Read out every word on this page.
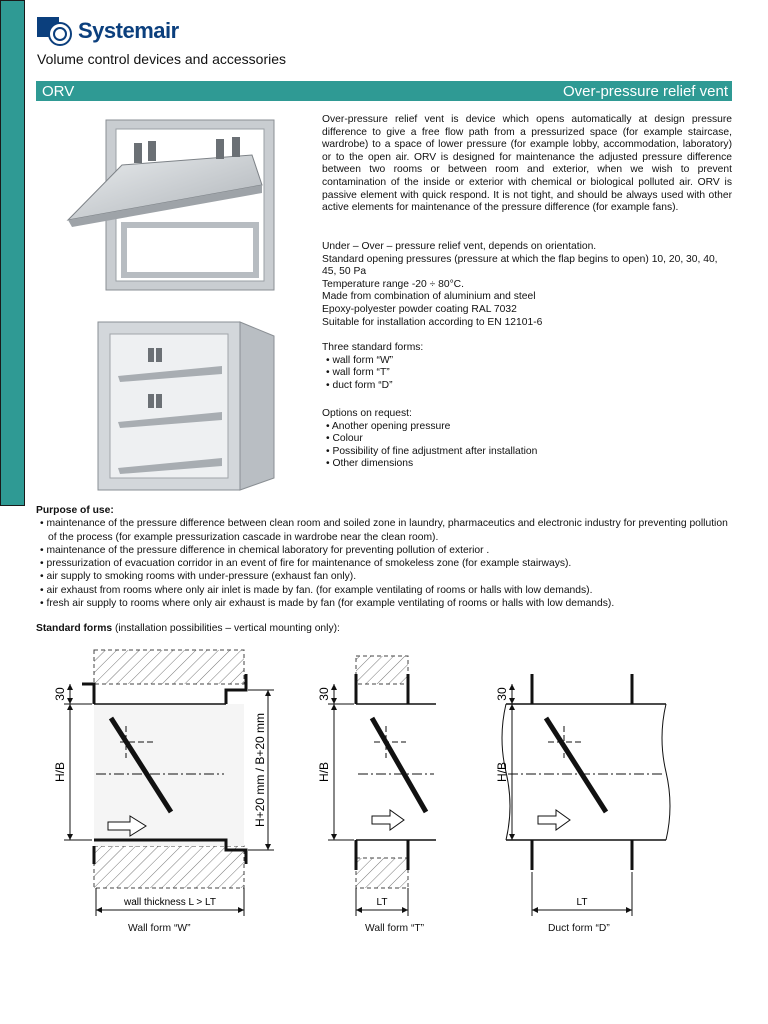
Systemair
Volume control devices and accessories
ORV	Over-pressure relief vent
Over-pressure relief vent is device which opens automatically at design pressure difference to give a free flow path from a pressurized space (for example staircase, wardrobe) to a space of lower pressure (for example lobby, accommodation, laboratory) or to the open air. ORV is designed for maintenance the adjusted pressure difference between two rooms or between room and exterior, when we wish to prevent contamination of the inside or exterior with chemical or biological polluted air. ORV is passive element with quick respond. It is not tight, and should be always used with other active elements for maintenance of the pressure difference (for example fans).
Under – Over – pressure relief vent, depends on orientation.
Standard opening pressures (pressure at which the flap begins to open) 10, 20, 30, 40, 45, 50 Pa
Temperature range -20 ÷ 80°C.
Made from combination of aluminium and steel
Epoxy-polyester powder coating RAL 7032
Suitable for installation according to EN 12101-6
Three standard forms:
• wall form “W”
• wall form “T”
• duct form “D”
Options on request:
• Another opening pressure
• Colour
• Possibility of fine adjustment after installation
• Other dimensions
Purpose of use:
• maintenance of the pressure difference between clean room and soiled zone in laundry, pharmaceutics and electronic industry for preventing pollution of the process (for example pressurization cascade in wardrobe near the clean room).
• maintenance of the pressure difference in chemical laboratory for preventing pollution of exterior .
• pressurization of evacuation corridor in an event of fire for maintenance of smokeless zone (for example stairways).
• air supply to smoking rooms with under-pressure (exhaust fan only).
• air exhaust from rooms where only air inlet is made by fan. (for example ventilating of rooms or halls with low demands).
• fresh air supply to rooms where only air exhaust is made by fan (for example ventilating of rooms or halls with low demands).
Standard forms (installation possibilities – vertical mounting only):
30
H/B	H+20 mm / B+20 mm
wall thickness L > LT
30
H/B
LT
30
H/B
LT
Wall form “W”	Wall form “T”	Duct form “D”
